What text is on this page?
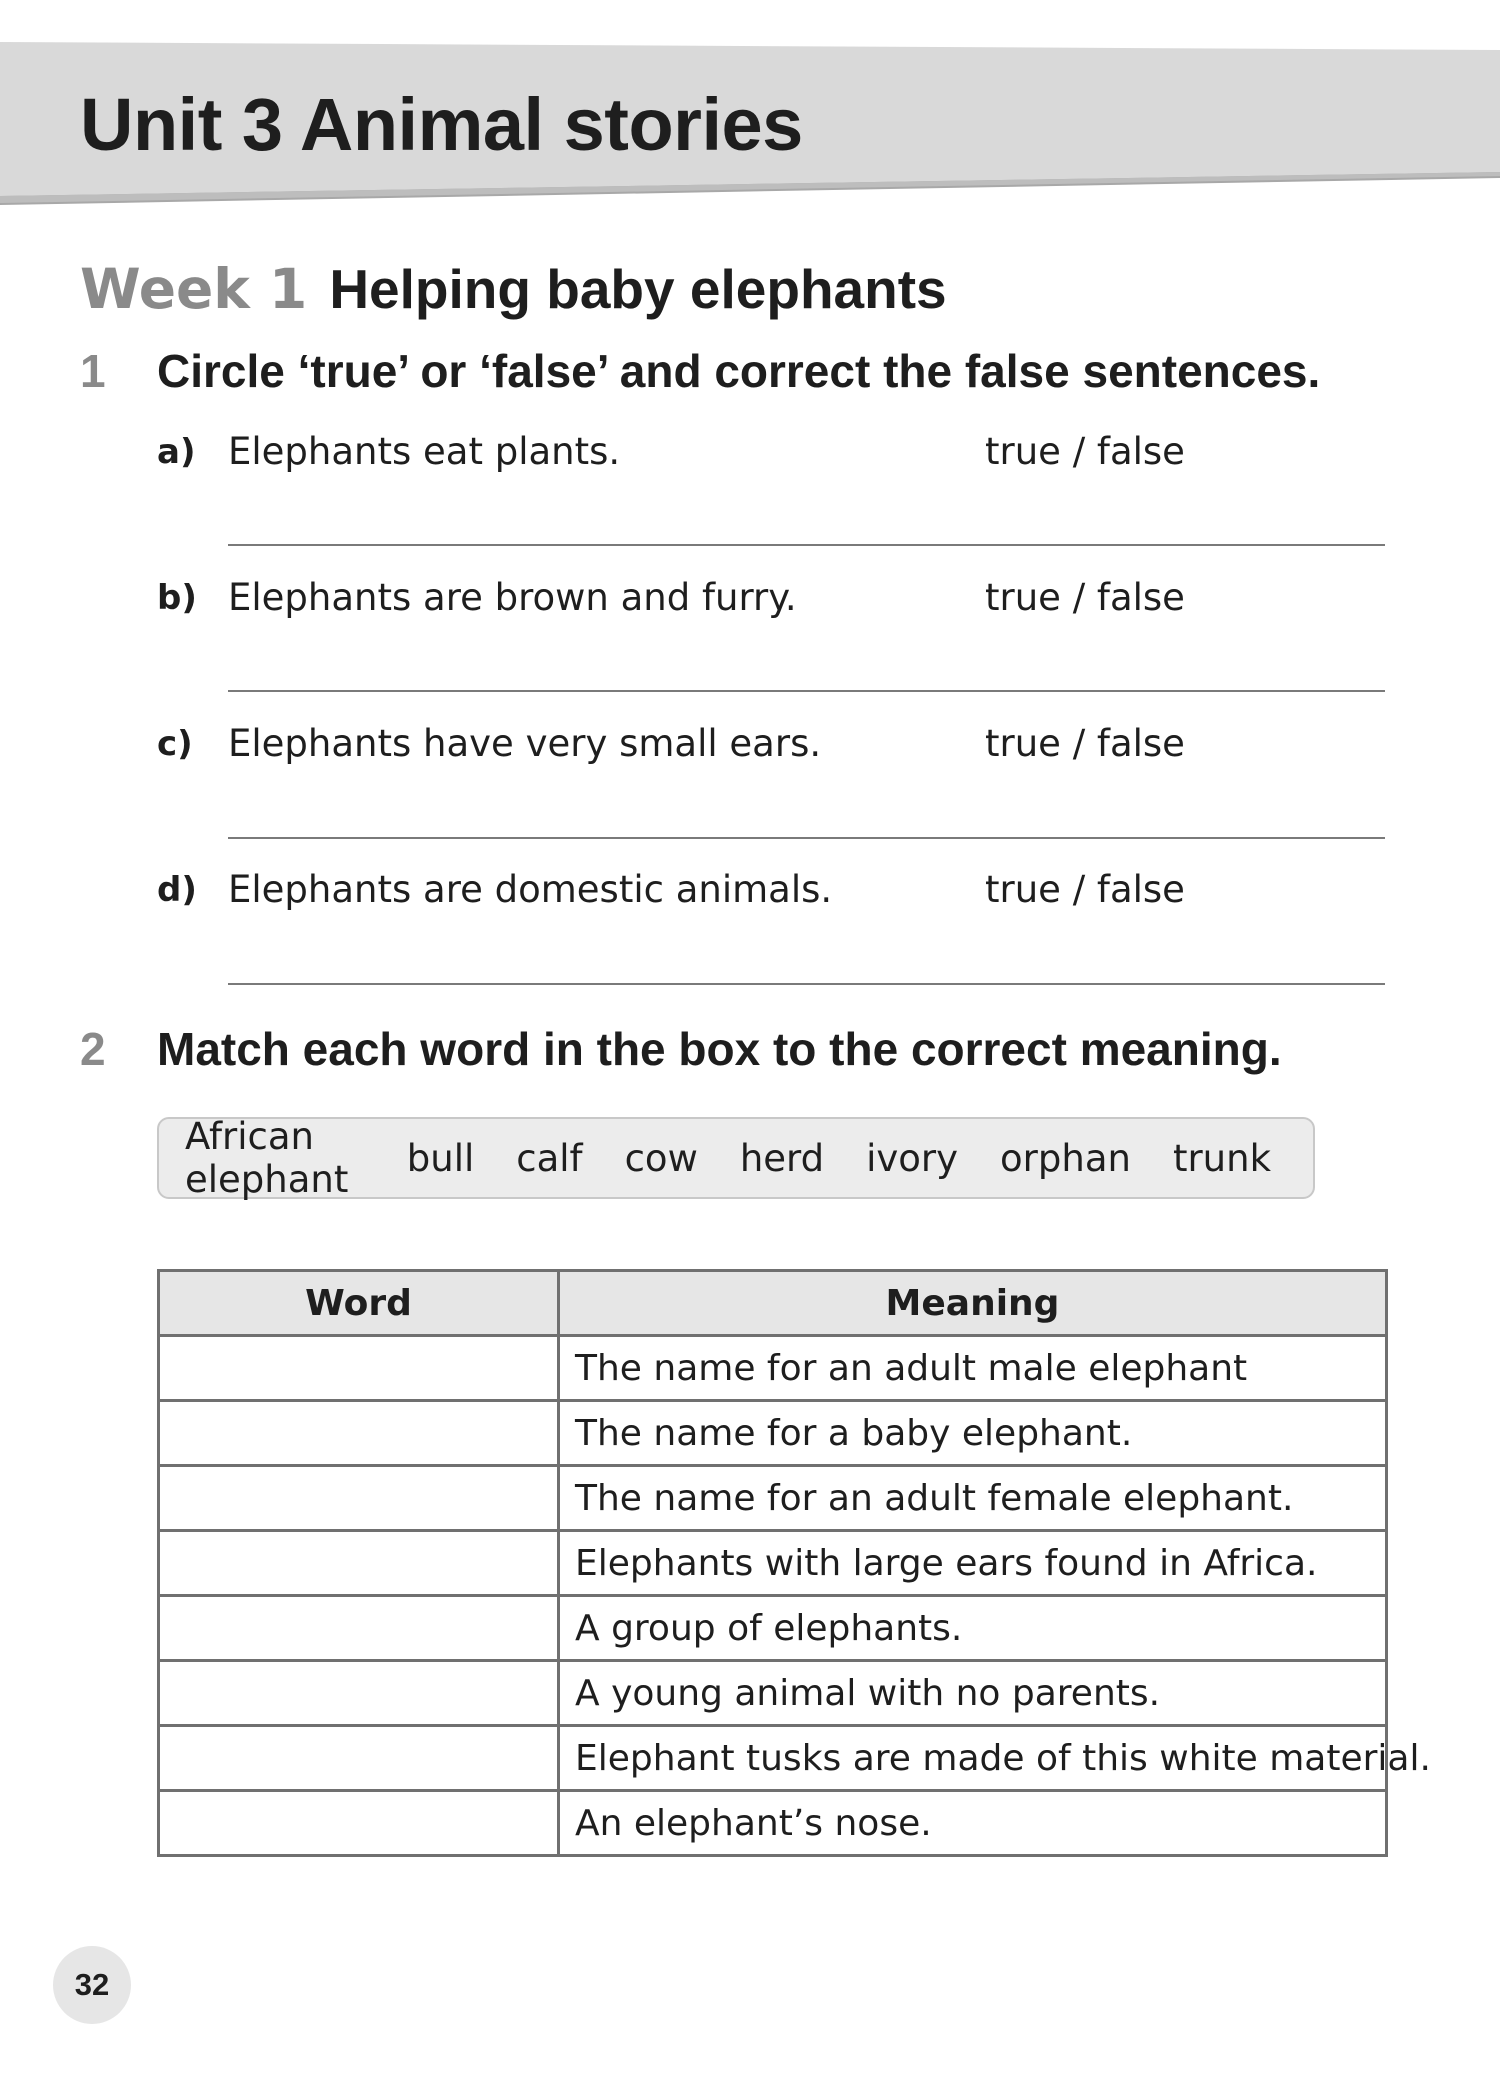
Unit 3 Animal stories
Week 1 Helping baby elephants
1 Circle ‘true’ or ‘false’ and correct the false sentences.

a) Elephants eat plants.	true / false
b) Elephants are brown and furry.	true / false
c) Elephants have very small ears.	true / false
d) Elephants are domestic animals.	true / false
2 Match each word in the box to the correct meaning.

African elephant	bull calf cow herd ivory orphan trunk
Word	Meaning
	The name for an adult male elephant
	The name for a baby elephant.
	The name for an adult female elephant.
	Elephants with large ears found in Africa.
	A group of elephants.
	A young animal with no parents.
	Elephant tusks are made of this white material.
	An elephant’s nose.
32
